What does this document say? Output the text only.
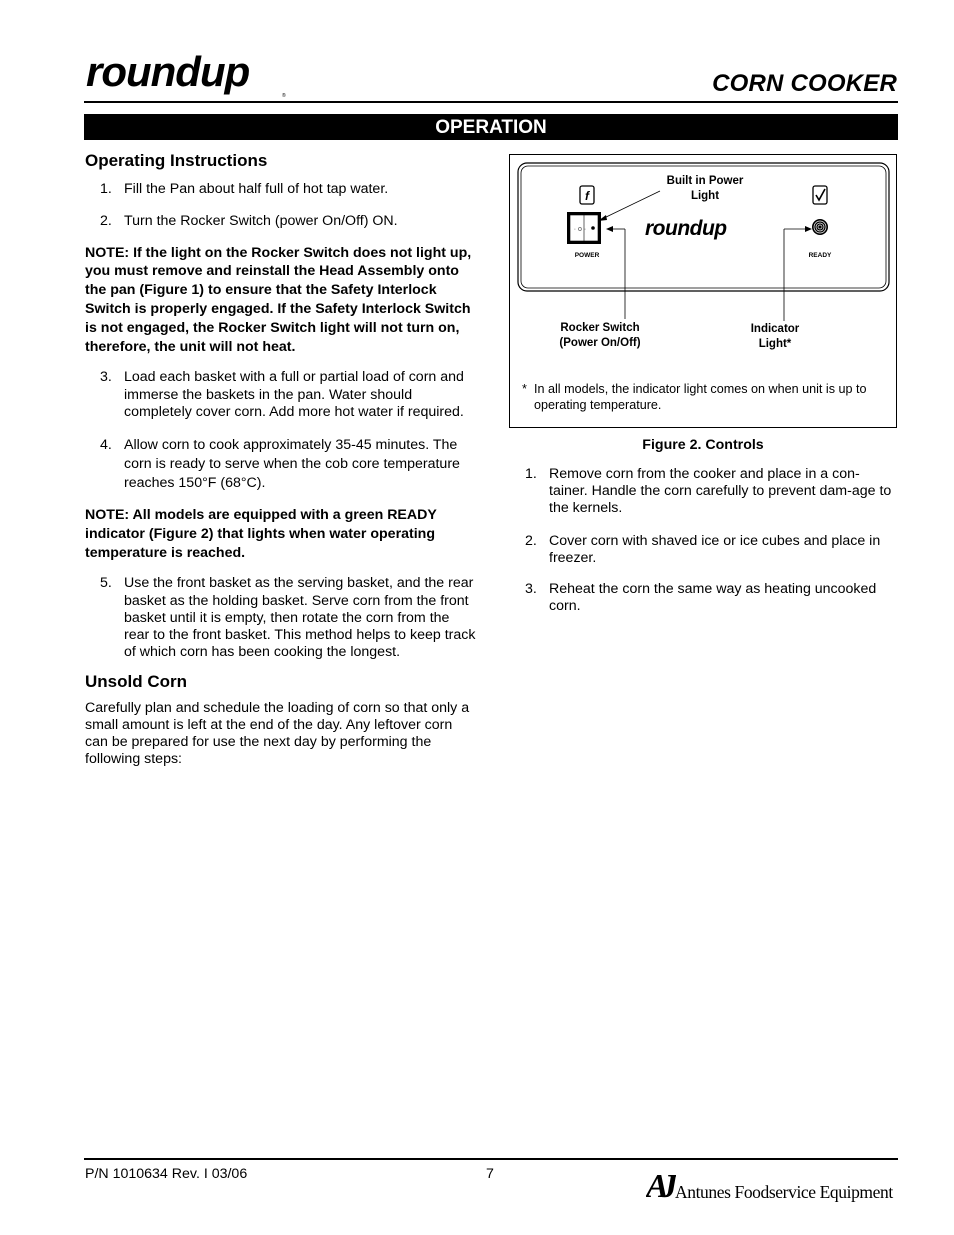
roundup
®	CORN COOKER
OPERATION
Operating Instructions
1. Fill the Pan about half full of hot tap water.
2. Turn the Rocker Switch (power On/Off) ON.
NOTE: If the light on the Rocker Switch does not light up, you must remove and reinstall the Head Assembly onto the pan (Figure 1) to ensure that the Safety Interlock Switch is properly engaged. If the Safety Interlock Switch is not engaged, the Rocker Switch light will not turn on, therefore, the unit will not heat.
3. Load each basket with a full or partial load of corn and immerse the baskets in the pan. Water should completely cover corn. Add more hot water if required.
4. Allow corn to cook approximately 35-45 minutes. The corn is ready to serve when the cob core temperature reaches 150°F (68°C).
NOTE: All models are equipped with a green READY indicator (Figure 2) that lights when water operating temperature is reached.
5. Use the front basket as the serving basket, and the rear basket as the holding basket. Serve corn from the front basket until it is empty, then rotate the corn from the rear to the front basket. This method helps to keep track of which corn has been cooking the longest.
Unsold Corn
Carefully plan and schedule the loading of corn so that only a small amount is left at the end of the day. Any leftover corn can be prepared for use the next day by performing the following steps:
f
· o ·
POWER
roundup
READY
Built in Power
Light
Rocker Switch
(Power On/Off)
Indicator
Light*
* In all models, the indicator light comes on when unit is up to operating temperature.
Figure 2. Controls
1. Remove corn from the cooker and place in a con-tainer. Handle the corn carefully to prevent dam-age to the kernels.
2. Cover corn with shaved ice or ice cubes and place in freezer.
3. Reheat the corn the same way as heating uncooked corn.
P/N 1010634 Rev. I 03/06	7	AJ Antunes Foodservice Equipment
